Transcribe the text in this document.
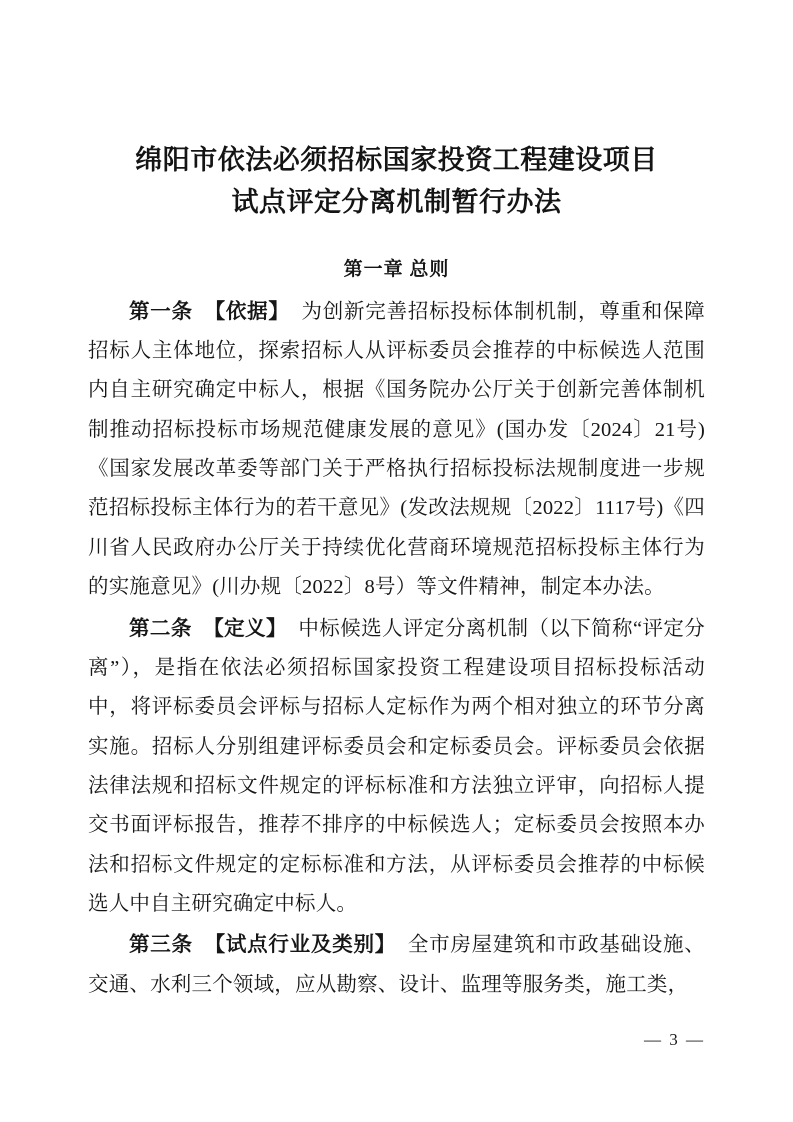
绵阳市依法必须招标国家投资工程建设项目
试点评定分离机制暂行办法
第一章 总则

第一条 【依据】 为创新完善招标投标体制机制，尊重和保障招标人主体地位，探索招标人从评标委员会推荐的中标候选人范围内自主研究确定中标人，根据《国务院办公厅关于创新完善体制机制推动招标投标市场规范健康发展的意见》(国办发〔2024〕21号)《国家发展改革委等部门关于严格执行招标投标法规制度进一步规范招标投标主体行为的若干意见》(发改法规规〔2022〕1117号)《四川省人民政府办公厅关于持续优化营商环境规范招标投标主体行为的实施意见》(川办规〔2022〕8号）等文件精神，制定本办法。

第二条 【定义】 中标候选人评定分离机制（以下简称“评定分离”），是指在依法必须招标国家投资工程建设项目招标投标活动中，将评标委员会评标与招标人定标作为两个相对独立的环节分离实施。招标人分别组建评标委员会和定标委员会。评标委员会依据法律法规和招标文件规定的评标标准和方法独立评审，向招标人提交书面评标报告，推荐不排序的中标候选人；定标委员会按照本办法和招标文件规定的定标标准和方法，从评标委员会推荐的中标候选人中自主研究确定中标人。

第三条 【试点行业及类别】 全市房屋建筑和市政基础设施、交通、水利三个领域，应从勘察、设计、监理等服务类，施工类，

— 3 —
